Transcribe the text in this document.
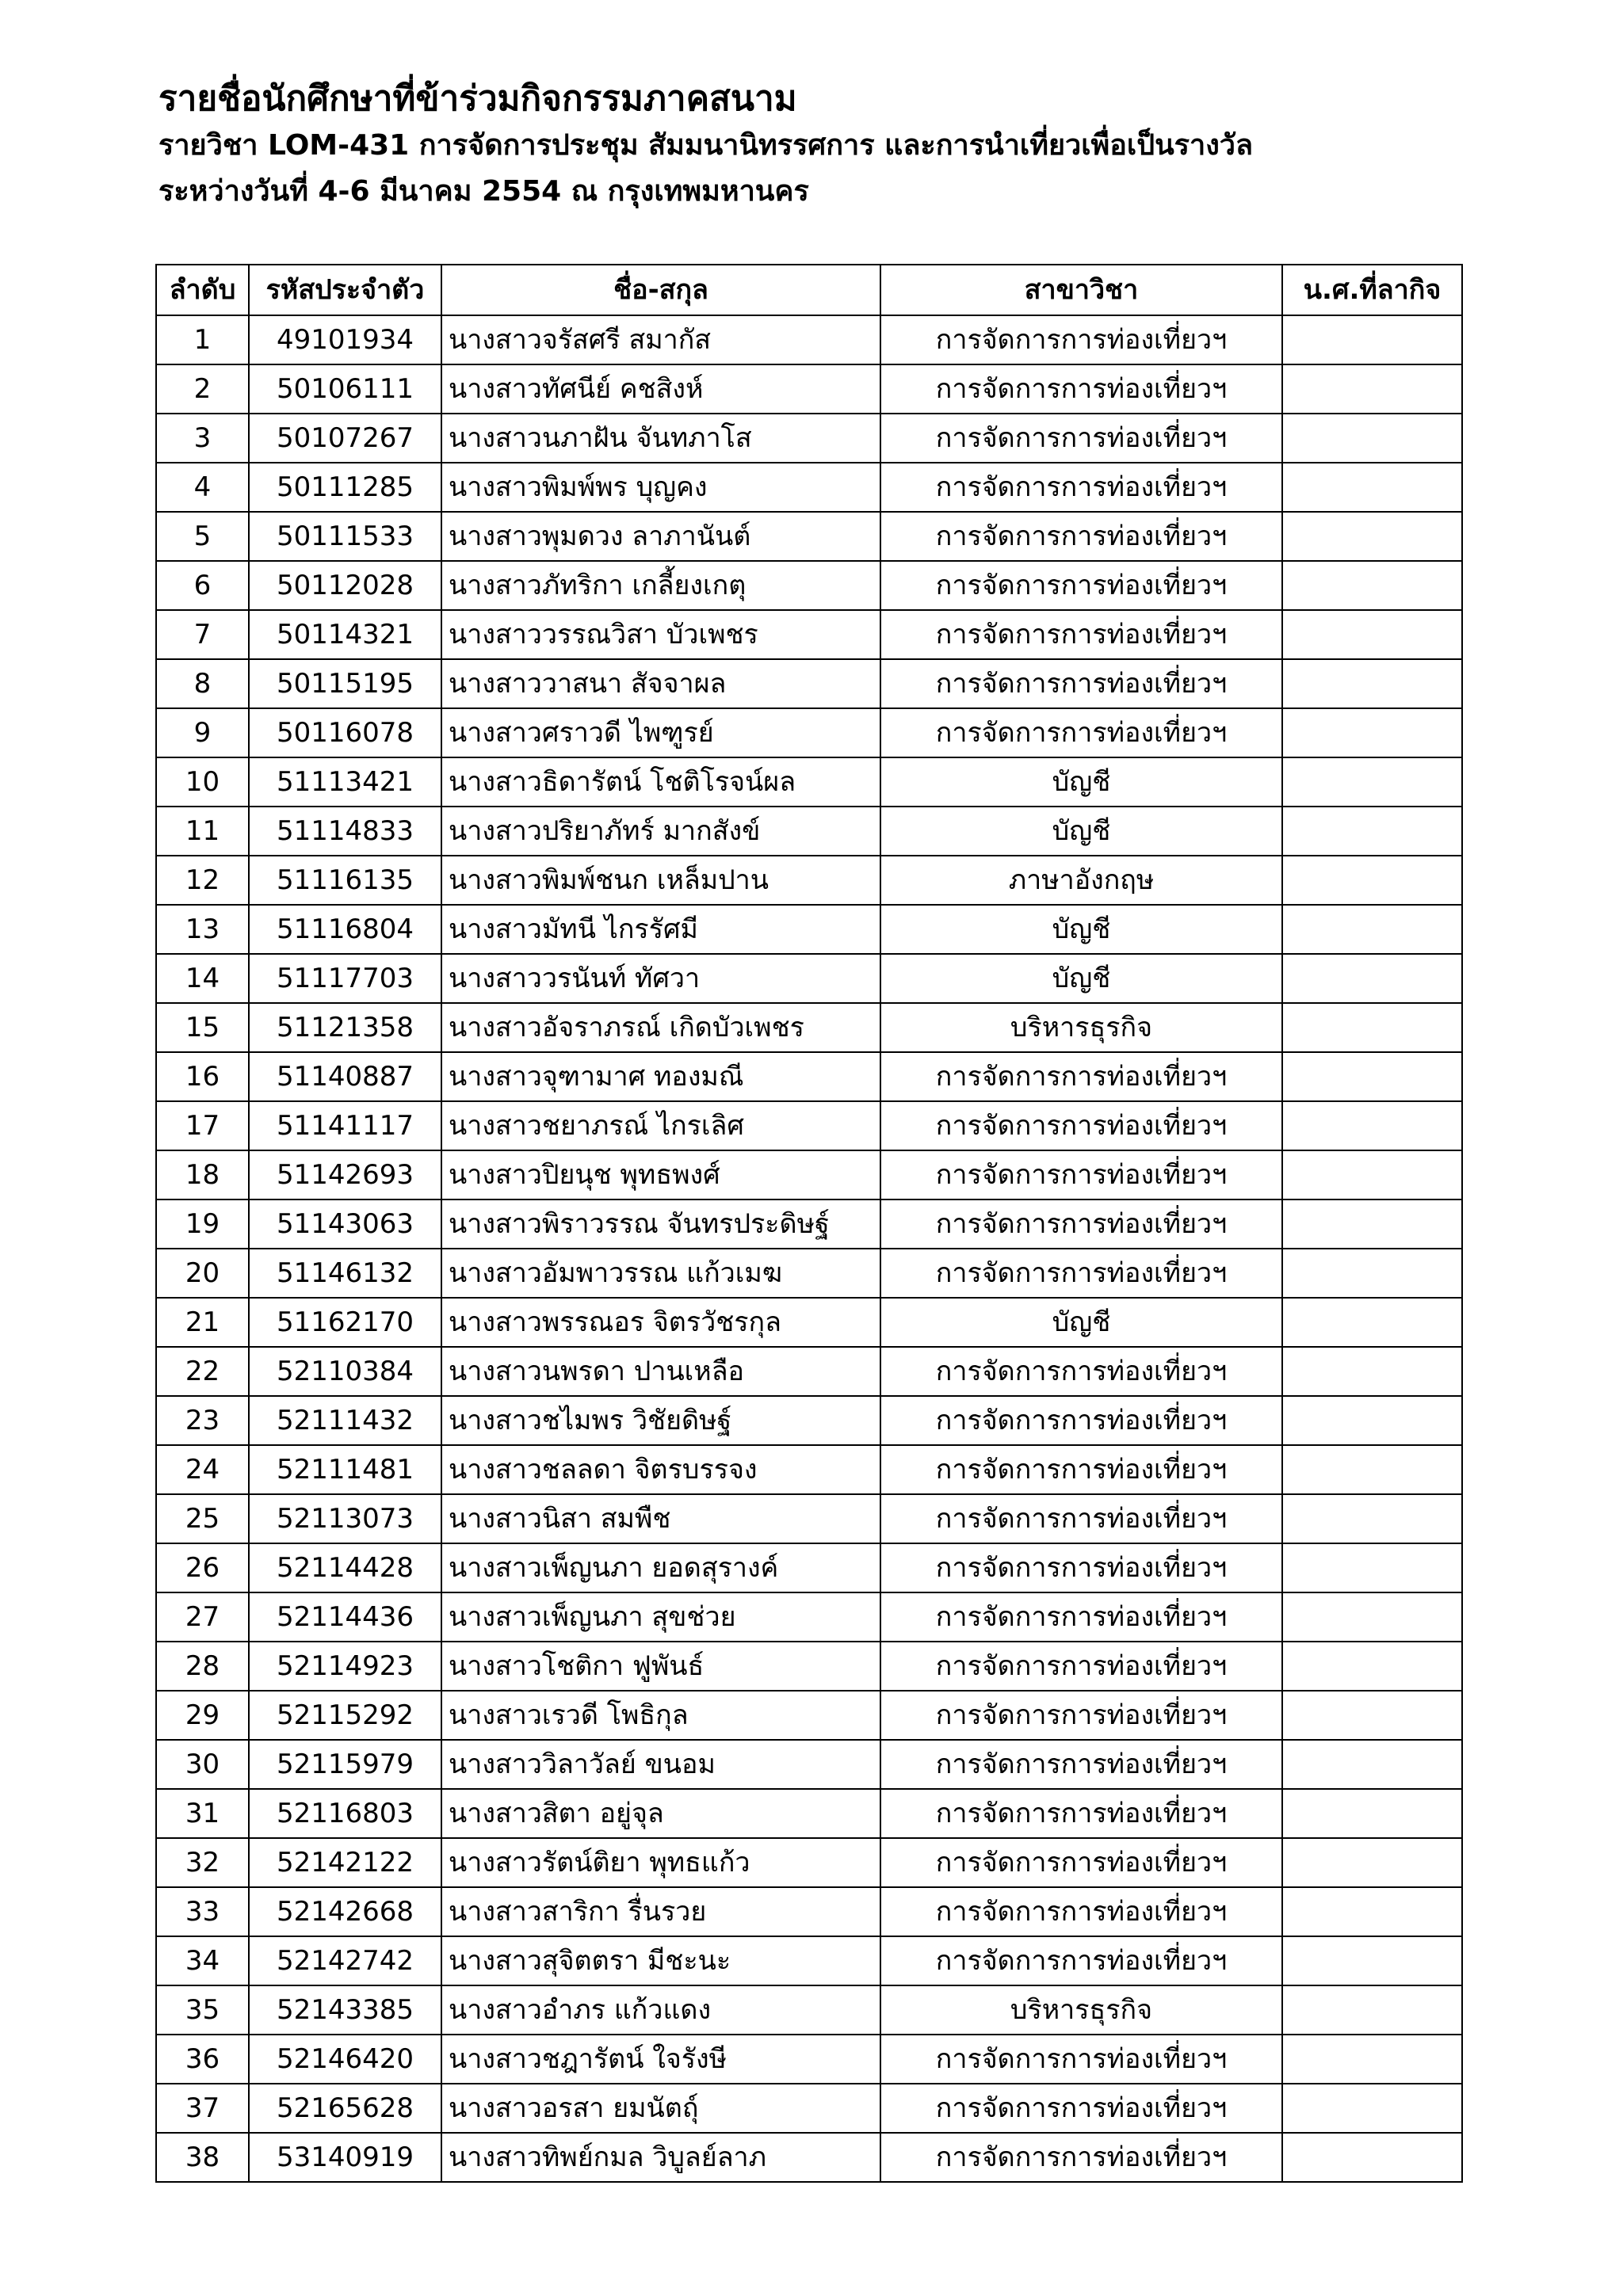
รายชื่อนักศึกษาที่ข้าร่วมกิจกรรมภาคสนาม

รายวิชา LOM-431 การจัดการประชุม สัมมนานิทรรศการ และการนำเที่ยวเพื่อเป็นรางวัล

ระหว่างวันที่ 4-6 มีนาคม 2554 ณ กรุงเทพมหานคร

ลำดับ	รหัสประจำตัว	ชื่อ-สกุล	สาขาวิชา	น.ศ.ที่ลากิจ
1	49101934	นางสาวจรัสศรี สมากัส	การจัดการการท่องเที่ยวฯ	
2	50106111	นางสาวทัศนีย์ คชสิงห์	การจัดการการท่องเที่ยวฯ	
3	50107267	นางสาวนภาฝัน จันทภาโส	การจัดการการท่องเที่ยวฯ	
4	50111285	นางสาวพิมพ์พร บุญคง	การจัดการการท่องเที่ยวฯ	
5	50111533	นางสาวพุมดวง ลาภานันต์	การจัดการการท่องเที่ยวฯ	
6	50112028	นางสาวภัทริกา เกลี้ยงเกตุ	การจัดการการท่องเที่ยวฯ	
7	50114321	นางสาววรรณวิสา บัวเพชร	การจัดการการท่องเที่ยวฯ	
8	50115195	นางสาววาสนา สัจจาผล	การจัดการการท่องเที่ยวฯ	
9	50116078	นางสาวศราวดี ไพฑูรย์	การจัดการการท่องเที่ยวฯ	
10	51113421	นางสาวธิดารัตน์ โชติโรจน์ผล	บัญชี	
11	51114833	นางสาวปริยาภัทร์ มากสังข์	บัญชี	
12	51116135	นางสาวพิมพ์ชนก เหล็มปาน	ภาษาอังกฤษ	
13	51116804	นางสาวมัทนี ไกรรัศมี	บัญชี	
14	51117703	นางสาววรนันท์ ทัศวา	บัญชี	
15	51121358	นางสาวอัจราภรณ์ เกิดบัวเพชร	บริหารธุรกิจ	
16	51140887	นางสาวจุฑามาศ ทองมณี	การจัดการการท่องเที่ยวฯ	
17	51141117	นางสาวชยาภรณ์ ไกรเลิศ	การจัดการการท่องเที่ยวฯ	
18	51142693	นางสาวปิยนุช พุทธพงศ์	การจัดการการท่องเที่ยวฯ	
19	51143063	นางสาวพิราวรรณ จันทรประดิษฐ์	การจัดการการท่องเที่ยวฯ	
20	51146132	นางสาวอัมพาวรรณ แก้วเมฆ	การจัดการการท่องเที่ยวฯ	
21	51162170	นางสาวพรรณอร จิตรวัชรกุล	บัญชี	
22	52110384	นางสาวนพรดา ปานเหลือ	การจัดการการท่องเที่ยวฯ	
23	52111432	นางสาวชไมพร วิชัยดิษฐ์	การจัดการการท่องเที่ยวฯ	
24	52111481	นางสาวชลลดา จิตรบรรจง	การจัดการการท่องเที่ยวฯ	
25	52113073	นางสาวนิสา สมพืช	การจัดการการท่องเที่ยวฯ	
26	52114428	นางสาวเพ็ญนภา ยอดสุรางค์	การจัดการการท่องเที่ยวฯ	
27	52114436	นางสาวเพ็ญนภา สุขช่วย	การจัดการการท่องเที่ยวฯ	
28	52114923	นางสาวโชติกา ฟูพันธ์	การจัดการการท่องเที่ยวฯ	
29	52115292	นางสาวเรวดี โพธิกุล	การจัดการการท่องเที่ยวฯ	
30	52115979	นางสาววิลาวัลย์ ขนอม	การจัดการการท่องเที่ยวฯ	
31	52116803	นางสาวสิตา อยู่จุล	การจัดการการท่องเที่ยวฯ	
32	52142122	นางสาวรัตน์ติยา พุทธแก้ว	การจัดการการท่องเที่ยวฯ	
33	52142668	นางสาวสาริกา รื่นรวย	การจัดการการท่องเที่ยวฯ	
34	52142742	นางสาวสุจิตตรา มีชะนะ	การจัดการการท่องเที่ยวฯ	
35	52143385	นางสาวอำภร แก้วแดง	บริหารธุรกิจ	
36	52146420	นางสาวชฎารัตน์ ใจรังษี	การจัดการการท่องเที่ยวฯ	
37	52165628	นางสาวอรสา ยมนัตถุ์	การจัดการการท่องเที่ยวฯ	
38	53140919	นางสาวทิพย์กมล วิบูลย์ลาภ	การจัดการการท่องเที่ยวฯ	
